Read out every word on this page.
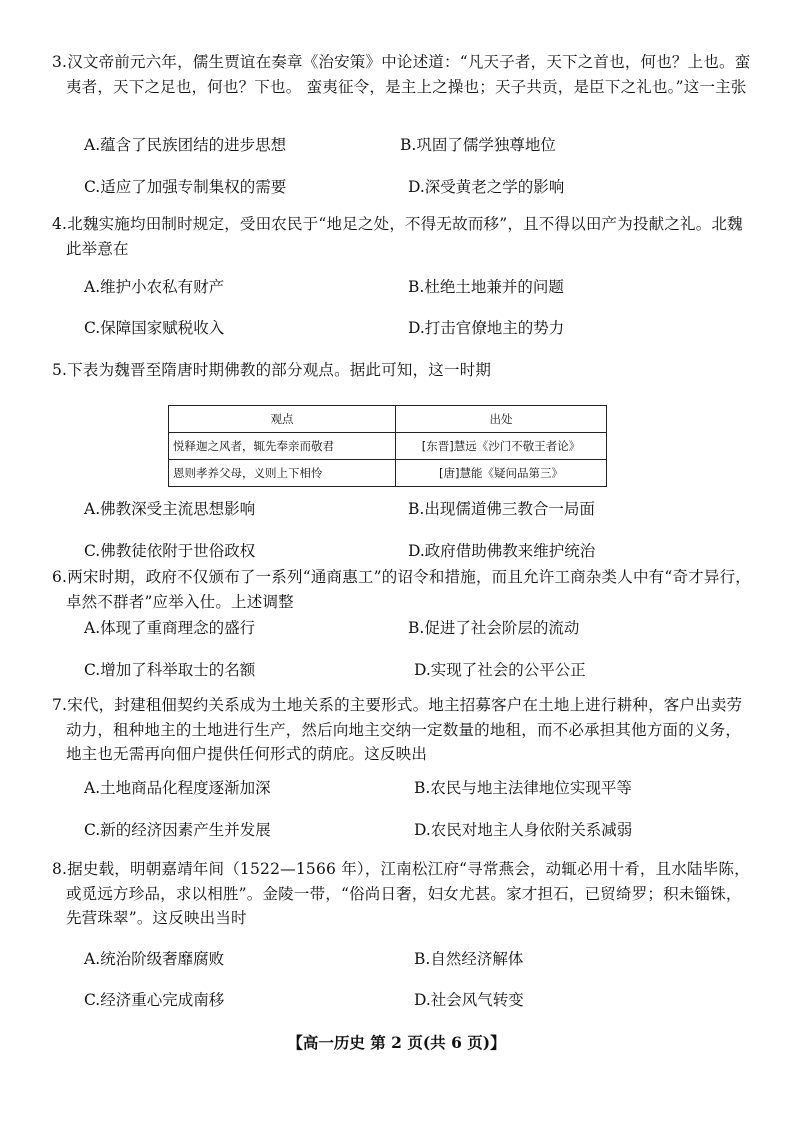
3.汉文帝前元六年，儒生贾谊在奏章《治安策》中论述道：“凡天子者，天下之首也，何也？上也。蛮夷者，天下之足也，何也？下也。 蛮夷征令，是主上之操也；天子共贡，是臣下之礼也。”这一主张
A.蕴含了民族团结的进步思想	B.巩固了儒学独尊地位
C.适应了加强专制集权的需要	D.深受黄老之学的影响
4.北魏实施均田制时规定，受田农民于“地足之处，不得无故而移”，且不得以田产为投献之礼。北魏此举意在
A.维护小农私有财产	B.杜绝土地兼并的问题
C.保障国家赋税收入	D.打击官僚地主的势力
5.下表为魏晋至隋唐时期佛教的部分观点。据此可知，这一时期
观点	出处
悦释迦之风者，辄先奉亲而敬君	[东晋]慧远《沙门不敬王者论》
恩则孝养父母，义则上下相怜	[唐]慧能《疑问品第三》
A.佛教深受主流思想影响	B.出现儒道佛三教合一局面
C.佛教徒依附于世俗政权	D.政府借助佛教来维护统治
6.两宋时期，政府不仅颁布了一系列“通商惠工”的诏令和措施，而且允许工商杂类人中有“奇才异行，卓然不群者”应举入仕。上述调整
A.体现了重商理念的盛行	B.促进了社会阶层的流动
C.增加了科举取士的名额	D.实现了社会的公平公正
7.宋代，封建租佃契约关系成为土地关系的主要形式。地主招募客户在土地上进行耕种，客户出卖劳动力，租种地主的土地进行生产，然后向地主交纳一定数量的地租，而不必承担其他方面的义务，地主也无需再向佃户提供任何形式的荫庇。这反映出
A.土地商品化程度逐渐加深	B.农民与地主法律地位实现平等
C.新的经济因素产生并发展	D.农民对地主人身依附关系减弱
8.据史载，明朝嘉靖年间（1522—1566 年），江南松江府“寻常燕会，动辄必用十肴，且水陆毕陈，或觅远方珍品，求以相胜”。金陵一带，“俗尚日奢，妇女尤甚。家才担石，已贸绮罗；积未锱铢，先营珠翠”。这反映出当时
A.统治阶级奢靡腐败	B.自然经济解体
C.经济重心完成南移	D.社会风气转变
【高一历史 第 2 页(共 6 页)】
